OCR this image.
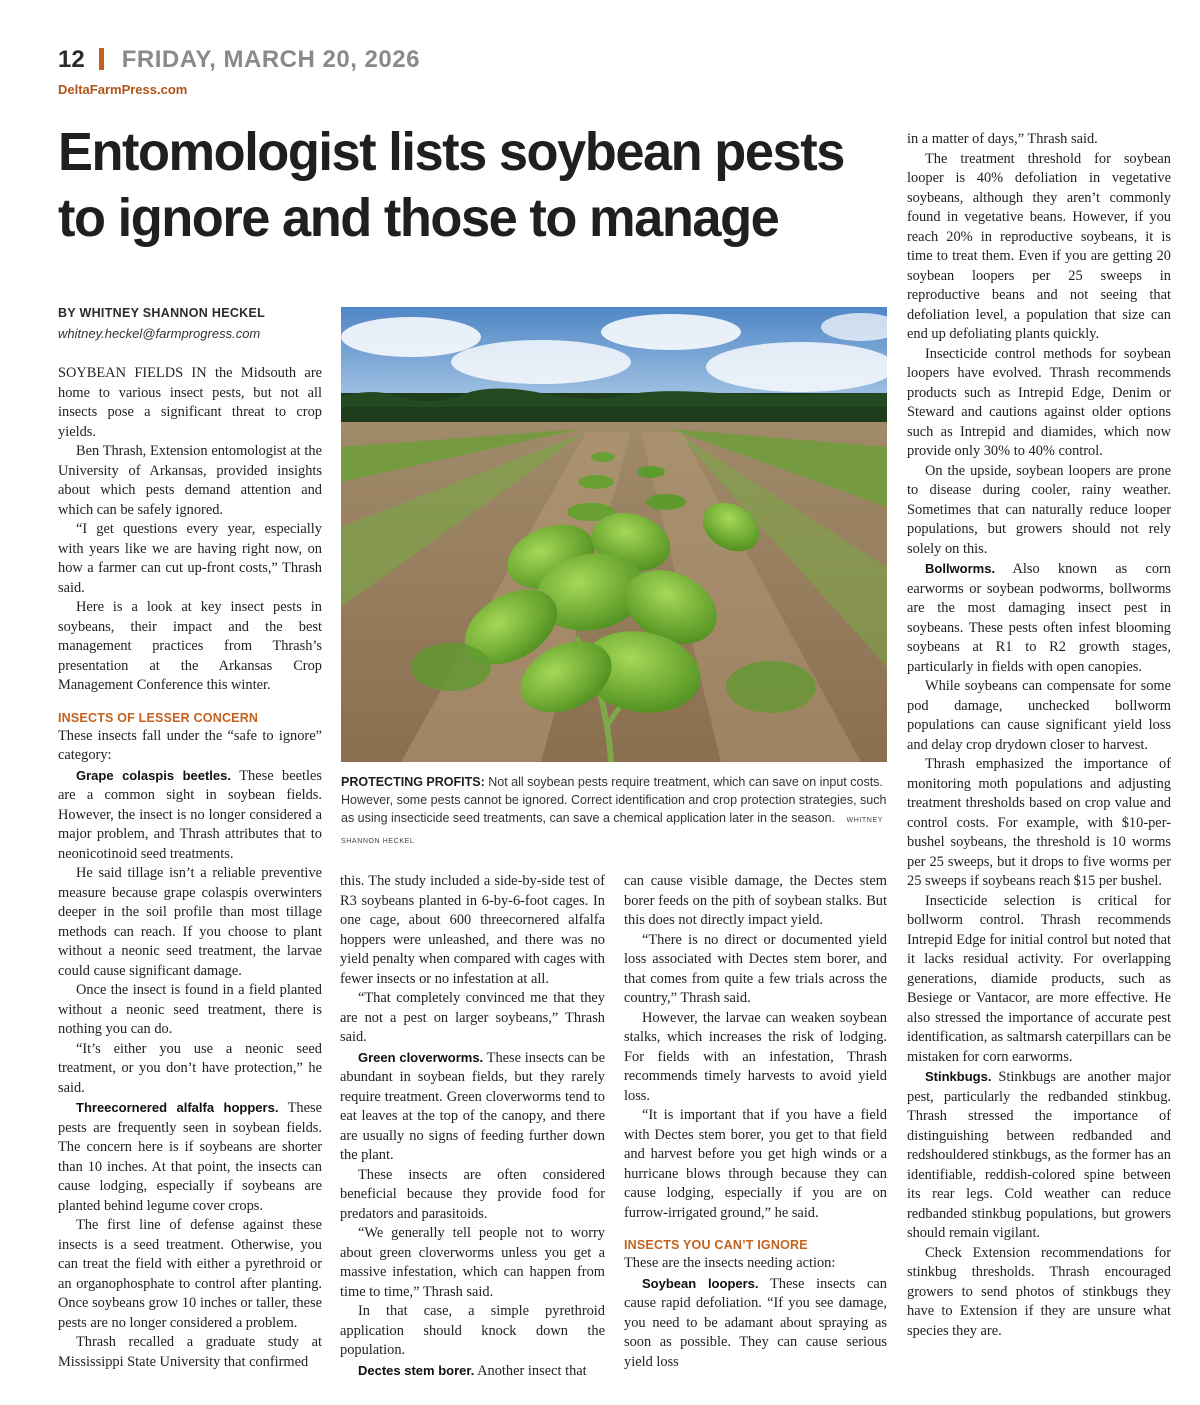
12 FRIDAY, MARCH 20, 2026
DeltaFarmPress.com
Entomologist lists soybean pests
to ignore and those to manage
BY WHITNEY SHANNON HECKEL
whitney.heckel@farmprogress.com

SOYBEAN FIELDS IN the Midsouth are home to various insect pests, but not all insects pose a significant threat to crop yields.

Ben Thrash, Extension entomologist at the University of Arkansas, provided insights about which pests demand attention and which can be safely ignored.

“I get questions every year, especially with years like we are having right now, on how a farmer can cut up-front costs,” Thrash said.

Here is a look at key insect pests in soybeans, their impact and the best management practices from Thrash’s presentation at the Arkansas Crop Management Conference this winter.

INSECTS OF LESSER CONCERN

These insects fall under the “safe to ignore” category:

Grape colaspis beetles. These beetles are a common sight in soybean fields. However, the insect is no longer considered a major problem, and Thrash attributes that to neonicotinoid seed treatments.

He said tillage isn’t a reliable preventive measure because grape colaspis overwinters deeper in the soil profile than most tillage methods can reach. If you choose to plant without a neonic seed treatment, the larvae could cause significant damage.

Once the insect is found in a field planted without a neonic seed treatment, there is nothing you can do.

“It’s either you use a neonic seed treatment, or you don’t have protection,” he said.

Threecornered alfalfa hoppers. These pests are frequently seen in soybean fields. The concern here is if soybeans are shorter than 10 inches. At that point, the insects can cause lodging, especially if soybeans are planted behind legume cover crops.

The first line of defense against these insects is a seed treatment. Otherwise, you can treat the field with either a pyrethroid or an organophosphate to control after planting. Once soybeans grow 10 inches or taller, these pests are no longer considered a problem.

Thrash recalled a graduate study at Mississippi State University that confirmed

PROTECTING PROFITS: Not all soybean pests require treatment, which can save on input costs. However, some pests cannot be ignored. Correct identification and crop protection strategies, such as using insecticide seed treatments, can save a chemical application later in the season. WHITNEY SHANNON HECKEL

this. The study included a side-by-side test of R3 soybeans planted in 6-by-6-foot cages. In one cage, about 600 threecornered alfalfa hoppers were unleashed, and there was no yield penalty when compared with cages with fewer insects or no infestation at all.

“That completely convinced me that they are not a pest on larger soybeans,” Thrash said.

Green cloverworms. These insects can be abundant in soybean fields, but they rarely require treatment. Green cloverworms tend to eat leaves at the top of the canopy, and there are usually no signs of feeding further down the plant.

These insects are often considered beneficial because they provide food for predators and parasitoids.

“We generally tell people not to worry about green cloverworms unless you get a massive infestation, which can happen from time to time,” Thrash said.

In that case, a simple pyrethroid application should knock down the population.

Dectes stem borer. Another insect that

can cause visible damage, the Dectes stem borer feeds on the pith of soybean stalks. But this does not directly impact yield.

“There is no direct or documented yield loss associated with Dectes stem borer, and that comes from quite a few trials across the country,” Thrash said.

However, the larvae can weaken soybean stalks, which increases the risk of lodging. For fields with an infestation, Thrash recommends timely harvests to avoid yield loss.

“It is important that if you have a field with Dectes stem borer, you get to that field and harvest before you get high winds or a hurricane blows through because they can cause lodging, especially if you are on furrow-irrigated ground,” he said.

INSECTS YOU CAN’T IGNORE

These are the insects needing action:

Soybean loopers. These insects can cause rapid defoliation. “If you see damage, you need to be adamant about spraying as soon as possible. They can cause serious yield loss

in a matter of days,” Thrash said.

The treatment threshold for soybean looper is 40% defoliation in vegetative soybeans, although they aren’t commonly found in vegetative beans. However, if you reach 20% in reproductive soybeans, it is time to treat them. Even if you are getting 20 soybean loopers per 25 sweeps in reproductive beans and not seeing that defoliation level, a population that size can end up defoliating plants quickly.

Insecticide control methods for soybean loopers have evolved. Thrash recommends products such as Intrepid Edge, Denim or Steward and cautions against older options such as Intrepid and diamides, which now provide only 30% to 40% control.

On the upside, soybean loopers are prone to disease during cooler, rainy weather. Sometimes that can naturally reduce looper populations, but growers should not rely solely on this.

Bollworms. Also known as corn earworms or soybean podworms, bollworms are the most damaging insect pest in soybeans. These pests often infest blooming soybeans at R1 to R2 growth stages, particularly in fields with open canopies.

While soybeans can compensate for some pod damage, unchecked bollworm populations can cause significant yield loss and delay crop drydown closer to harvest.

Thrash emphasized the importance of monitoring moth populations and adjusting treatment thresholds based on crop value and control costs. For example, with $10-per-bushel soybeans, the threshold is 10 worms per 25 sweeps, but it drops to five worms per 25 sweeps if soybeans reach $15 per bushel.

Insecticide selection is critical for bollworm control. Thrash recommends Intrepid Edge for initial control but noted that it lacks residual activity. For overlapping generations, diamide products, such as Besiege or Vantacor, are more effective. He also stressed the importance of accurate pest identification, as saltmarsh caterpillars can be mistaken for corn earworms.

Stinkbugs. Stinkbugs are another major pest, particularly the redbanded stinkbug. Thrash stressed the importance of distinguishing between redbanded and redshouldered stinkbugs, as the former has an identifiable, reddish-colored spine between its rear legs. Cold weather can reduce redbanded stinkbug populations, but growers should remain vigilant.

Check Extension recommendations for stinkbug thresholds. Thrash encouraged growers to send photos of stinkbugs they have to Extension if they are unsure what species they are.
